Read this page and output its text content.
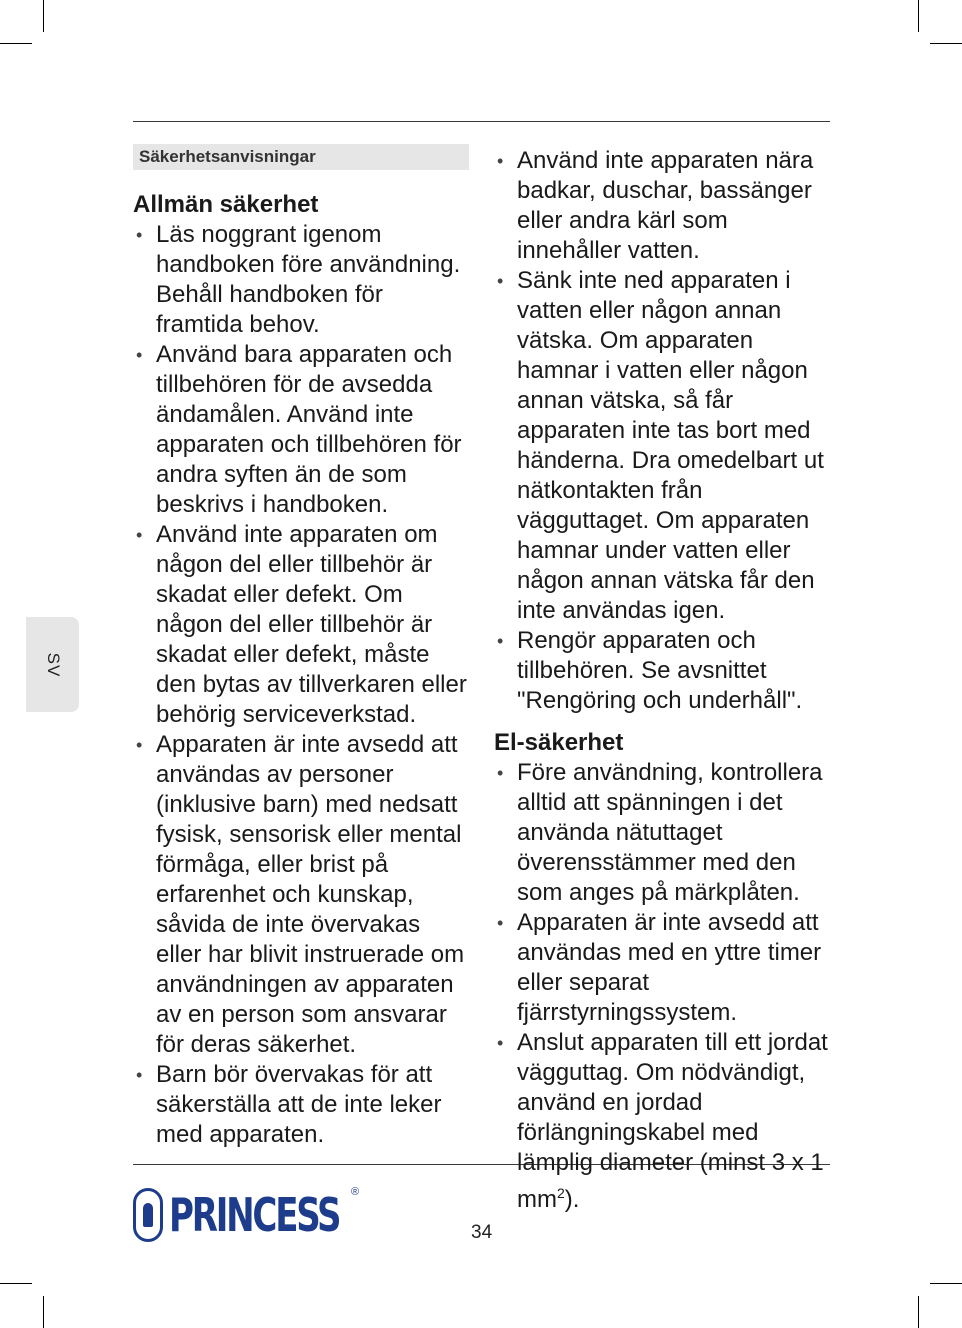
SV
Säkerhetsanvisningar
Allmän säkerhet
• Läs noggrant igenom handboken före användning. Behåll handboken för framtida behov.
• Använd bara apparaten och tillbehören för de avsedda ändamålen. Använd inte apparaten och tillbehören för andra syften än de som beskrivs i handboken.
• Använd inte apparaten om någon del eller tillbehör är skadat eller defekt. Om någon del eller tillbehör är skadat eller defekt, måste den bytas av tillverkaren eller behörig serviceverkstad.
• Apparaten är inte avsedd att användas av personer (inklusive barn) med nedsatt fysisk, sensorisk eller mental förmåga, eller brist på erfarenhet och kunskap, såvida de inte övervakas eller har blivit instruerade om användningen av apparaten av en person som ansvarar för deras säkerhet.
• Barn bör övervakas för att säkerställa att de inte leker med apparaten.
• Använd inte apparaten nära badkar, duschar, bassänger eller andra kärl som innehåller vatten.
• Sänk inte ned apparaten i vatten eller någon annan vätska. Om apparaten hamnar i vatten eller någon annan vätska, så får apparaten inte tas bort med händerna. Dra omedelbart ut nätkontakten från vägguttaget. Om apparaten hamnar under vatten eller någon annan vätska får den inte användas igen.
• Rengör apparaten och tillbehören. Se avsnittet "Rengöring och underhåll".
El-säkerhet
• Före användning, kontrollera alltid att spänningen i det använda nätuttaget överensstämmer med den som anges på märkplåten.
• Apparaten är inte avsedd att användas med en yttre timer eller separat fjärrstyrningssystem.
• Anslut apparaten till ett jordat vägguttag. Om nödvändigt, använd en jordad förlängningskabel med lämplig diameter (minst 3 x 1 $mm^2$).
PRINCESS ®
34
